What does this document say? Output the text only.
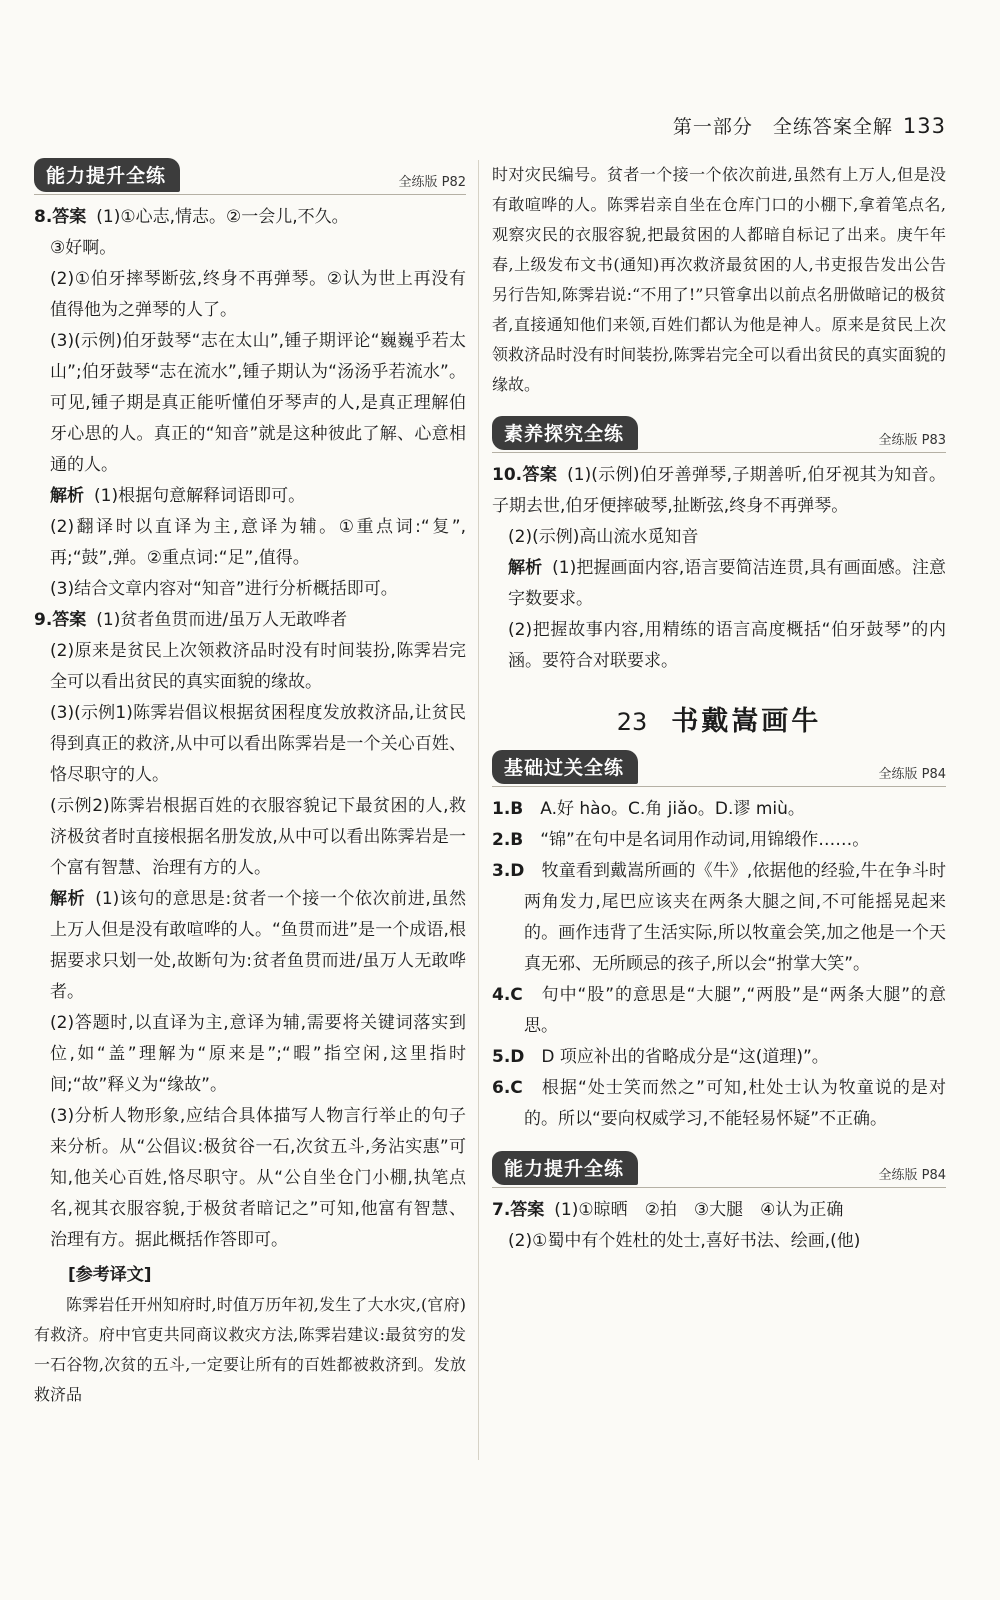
第一部分　全练答案全解 133
能力提升全练	全练版 P82

8.答案 (1)①心志,情志。②一会儿,不久。

③好啊。

(2)①伯牙摔琴断弦,终身不再弹琴。②认为世上再没有值得他为之弹琴的人了。

(3)(示例)伯牙鼓琴“志在太山”,锺子期评论“巍巍乎若太山”;伯牙鼓琴“志在流水”,锺子期认为“汤汤乎若流水”。可见,锺子期是真正能听懂伯牙琴声的人,是真正理解伯牙心思的人。真正的“知音”就是这种彼此了解、心意相通的人。

解析 (1)根据句意解释词语即可。

(2)翻译时以直译为主,意译为辅。①重点词:“复”,再;“鼓”,弹。②重点词:“足”,值得。

(3)结合文章内容对“知音”进行分析概括即可。

9.答案 (1)贫者鱼贯而进/虽万人无敢哗者

(2)原来是贫民上次领救济品时没有时间装扮,陈霁岩完全可以看出贫民的真实面貌的缘故。

(3)(示例1)陈霁岩倡议根据贫困程度发放救济品,让贫民得到真正的救济,从中可以看出陈霁岩是一个关心百姓、恪尽职守的人。

(示例2)陈霁岩根据百姓的衣服容貌记下最贫困的人,救济极贫者时直接根据名册发放,从中可以看出陈霁岩是一个富有智慧、治理有方的人。

解析 (1)该句的意思是:贫者一个接一个依次前进,虽然上万人但是没有敢喧哗的人。“鱼贯而进”是一个成语,根据要求只划一处,故断句为:贫者鱼贯而进/虽万人无敢哗者。

(2)答题时,以直译为主,意译为辅,需要将关键词落实到位,如“盖”理解为“原来是”;“暇”指空闲,这里指时间;“故”释义为“缘故”。

(3)分析人物形象,应结合具体描写人物言行举止的句子来分析。从“公倡议:极贫谷一石,次贫五斗,务沾实惠”可知,他关心百姓,恪尽职守。从“公自坐仓门小棚,执笔点名,视其衣服容貌,于极贫者暗记之”可知,他富有智慧、治理有方。据此概括作答即可。

[参考译文]

陈霁岩任开州知府时,时值万历年初,发生了大水灾,(官府)有救济。府中官吏共同商议救灾方法,陈霁岩建议:最贫穷的发一石谷物,次贫的五斗,一定要让所有的百姓都被救济到。发放救济品

时对灾民编号。贫者一个接一个依次前进,虽然有上万人,但是没有敢喧哗的人。陈霁岩亲自坐在仓库门口的小棚下,拿着笔点名,观察灾民的衣服容貌,把最贫困的人都暗自标记了出来。庚午年春,上级发布文书(通知)再次救济最贫困的人,书吏报告发出公告另行告知,陈霁岩说:“不用了!”只管拿出以前点名册做暗记的极贫者,直接通知他们来领,百姓们都认为他是神人。原来是贫民上次领救济品时没有时间装扮,陈霁岩完全可以看出贫民的真实面貌的缘故。

素养探究全练	全练版 P83

10.答案 (1)(示例)伯牙善弹琴,子期善听,伯牙视其为知音。子期去世,伯牙便摔破琴,扯断弦,终身不再弹琴。

(2)(示例)高山流水觅知音

解析 (1)把握画面内容,语言要简洁连贯,具有画面感。注意字数要求。

(2)把握故事内容,用精练的语言高度概括“伯牙鼓琴”的内涵。要符合对联要求。

23 书戴嵩画牛
基础过关全练	全练版 P84

1.B　A.好 hào。C.角 jiǎo。D.谬 miù。

2.B　“锦”在句中是名词用作动词,用锦缎作……。

3.D　牧童看到戴嵩所画的《牛》,依据他的经验,牛在争斗时两角发力,尾巴应该夹在两条大腿之间,不可能摇晃起来的。画作违背了生活实际,所以牧童会笑,加之他是一个天真无邪、无所顾忌的孩子,所以会“拊掌大笑”。

4.C　句中“股”的意思是“大腿”,“两股”是“两条大腿”的意思。

5.D　D 项应补出的省略成分是“这(道理)”。

6.C　根据“处士笑而然之”可知,杜处士认为牧童说的是对的。所以“要向权威学习,不能轻易怀疑”不正确。

能力提升全练	全练版 P84

7.答案 (1)①晾晒　②拍　③大腿　④认为正确

(2)①蜀中有个姓杜的处士,喜好书法、绘画,(他)
